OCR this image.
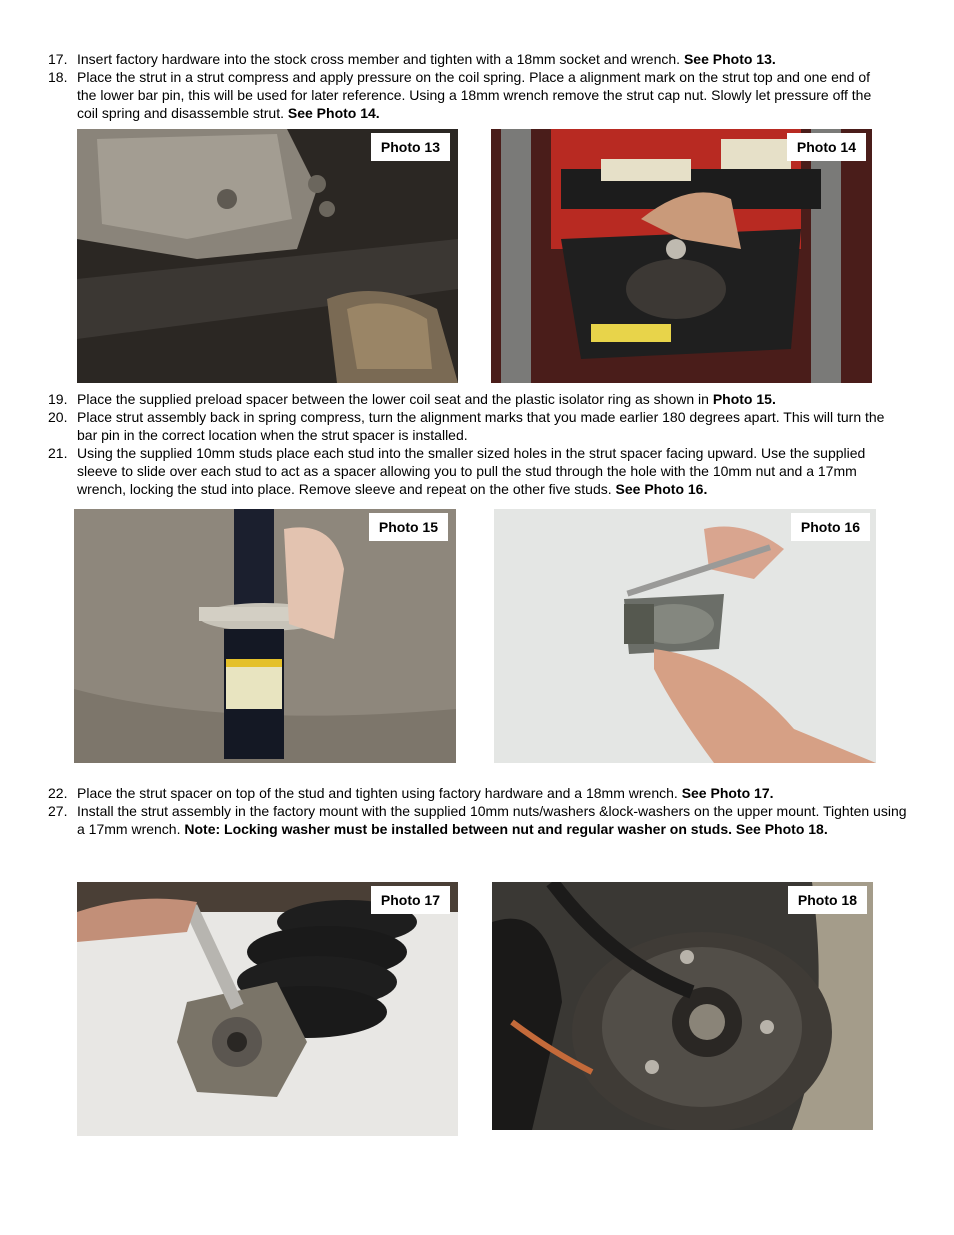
17. Insert factory hardware into the stock cross member and tighten with a 18mm socket and wrench. See Photo 13.
18. Place the strut in a strut compress and apply pressure on the coil spring. Place a alignment mark on the strut top and one end of the lower bar pin, this will be used for later reference. Using a 18mm wrench remove the strut cap nut. Slowly let pressure off the coil spring and disassemble strut. See Photo 14.
Photo 13	Photo 14
19. Place the supplied preload spacer between the lower coil seat and the plastic isolator ring as shown in Photo 15.
20. Place strut assembly back in spring compress, turn the alignment marks that you made earlier 180 degrees apart. This will turn the bar pin in the correct location when the strut spacer is installed.
21. Using the supplied 10mm studs place each stud into the smaller sized holes in the strut spacer facing upward. Use the supplied sleeve to slide over each stud to act as a spacer allowing you to pull the stud through the hole with the 10mm nut and a 17mm wrench, locking the stud into place. Remove sleeve and repeat on the other five studs. See Photo 16.
Photo 15	Photo 16
22. Place the strut spacer on top of the stud and tighten using factory hardware and a 18mm wrench. See Photo 17.
27. Install the strut assembly in the factory mount with the supplied 10mm nuts/washers &lock-washers on the upper mount. Tighten using a 17mm wrench. Note: Locking washer must be installed between nut and regular washer on studs. See Photo 18.
Photo 17	Photo 18
